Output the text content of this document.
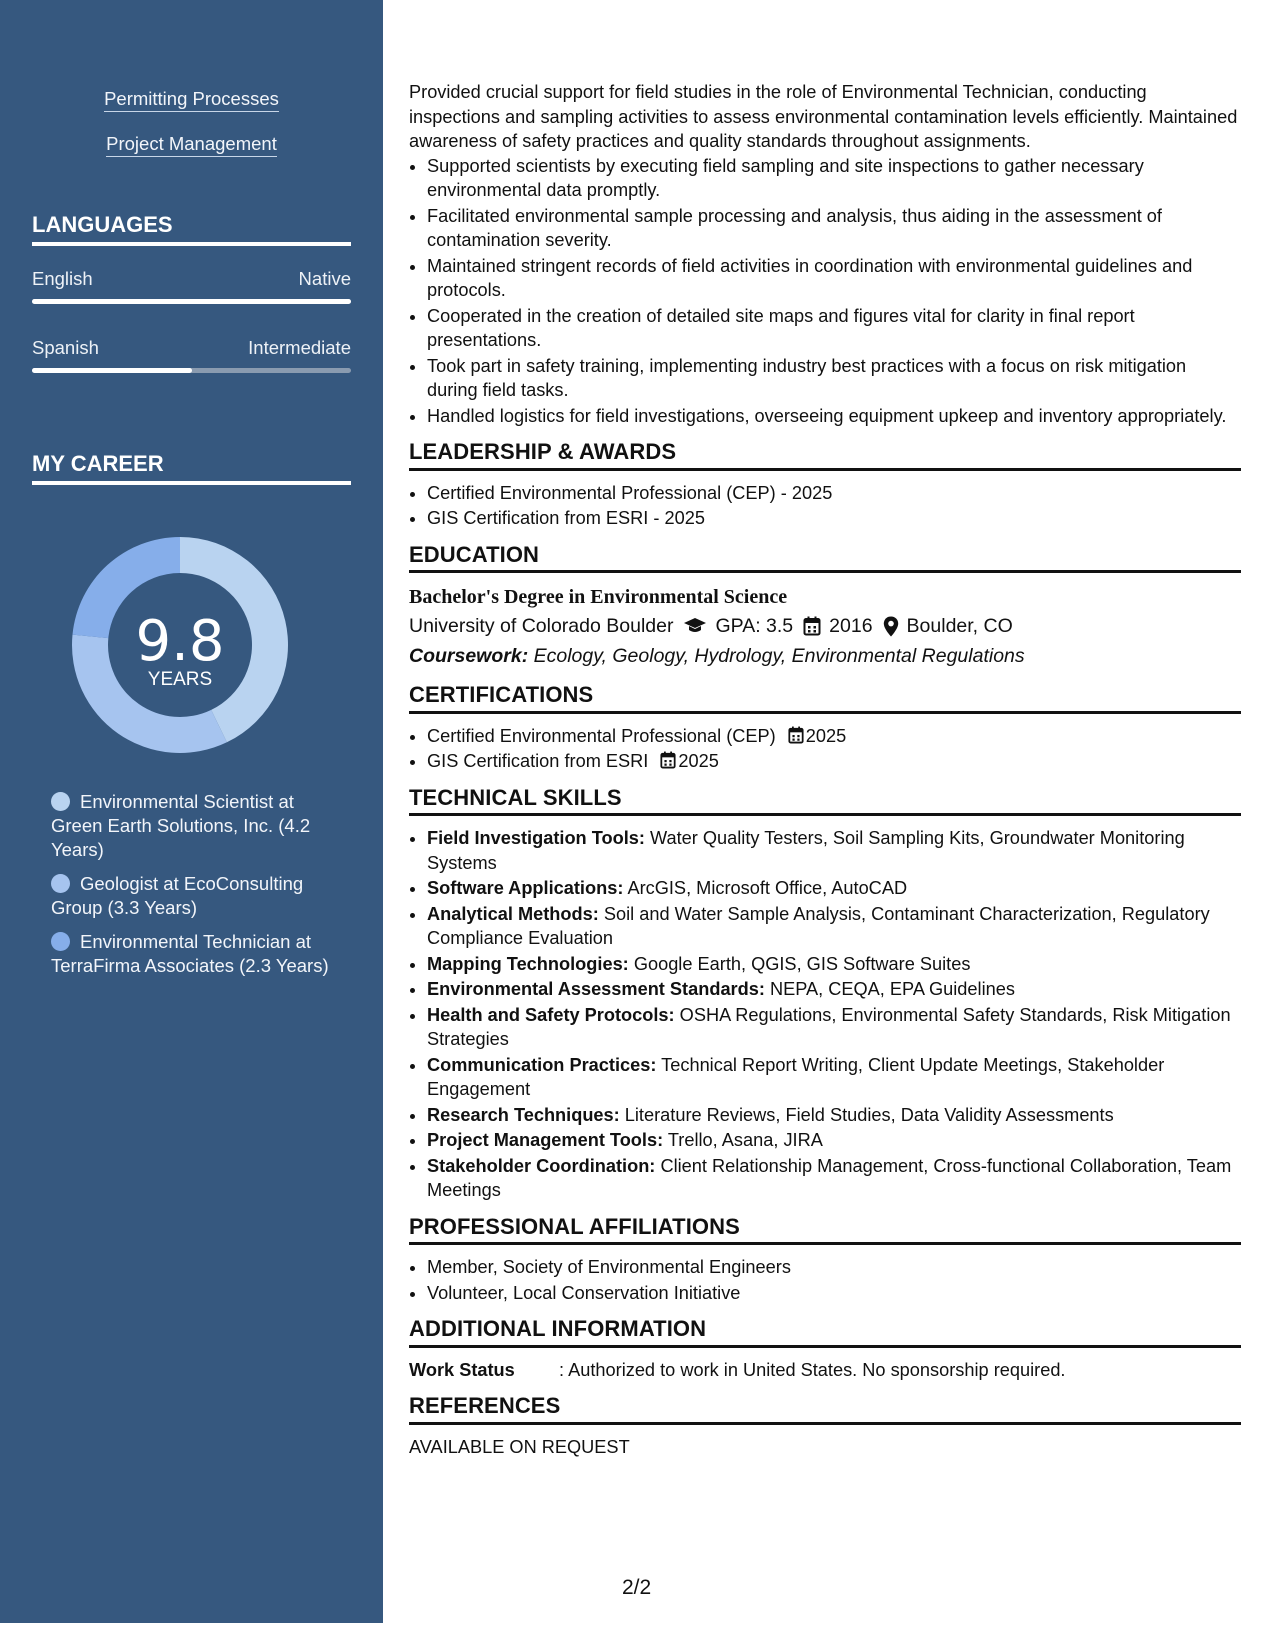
Permitting Processes
Project Management
LANGUAGES
English	Native
Spanish	Intermediate
MY CAREER
9.8
YEARS
Environmental Scientist at Green Earth Solutions, Inc. (4.2 Years)
Geologist at EcoConsulting Group (3.3 Years)
Environmental Technician at TerraFirma Associates (2.3 Years)

Provided crucial support for field studies in the role of Environmental Technician, conducting inspections and sampling activities to assess environmental contamination levels efficiently. Maintained awareness of safety practices and quality standards throughout assignments.

• Supported scientists by executing field sampling and site inspections to gather necessary environmental data promptly.
• Facilitated environmental sample processing and analysis, thus aiding in the assessment of contamination severity.
• Maintained stringent records of field activities in coordination with environmental guidelines and protocols.
• Cooperated in the creation of detailed site maps and figures vital for clarity in final report presentations.
• Took part in safety training, implementing industry best practices with a focus on risk mitigation during field tasks.
• Handled logistics for field investigations, overseeing equipment upkeep and inventory appropriately.
LEADERSHIP & AWARDS
• Certified Environmental Professional (CEP) - 2025
• GIS Certification from ESRI - 2025
EDUCATION
Bachelor's Degree in Environmental Science
University of Colorado Boulder GPA: 3.5 2016 Boulder, CO
Coursework: Ecology, Geology, Hydrology, Environmental Regulations
CERTIFICATIONS
• Certified Environmental Professional (CEP) 2025
• GIS Certification from ESRI 2025
TECHNICAL SKILLS
• Field Investigation Tools: Water Quality Testers, Soil Sampling Kits, Groundwater Monitoring Systems
• Software Applications: ArcGIS, Microsoft Office, AutoCAD
• Analytical Methods: Soil and Water Sample Analysis, Contaminant Characterization, Regulatory Compliance Evaluation
• Mapping Technologies: Google Earth, QGIS, GIS Software Suites
• Environmental Assessment Standards: NEPA, CEQA, EPA Guidelines
• Health and Safety Protocols: OSHA Regulations, Environmental Safety Standards, Risk Mitigation Strategies
• Communication Practices: Technical Report Writing, Client Update Meetings, Stakeholder Engagement
• Research Techniques: Literature Reviews, Field Studies, Data Validity Assessments
• Project Management Tools: Trello, Asana, JIRA
• Stakeholder Coordination: Client Relationship Management, Cross-functional Collaboration, Team Meetings
PROFESSIONAL AFFILIATIONS
• Member, Society of Environmental Engineers
• Volunteer, Local Conservation Initiative
ADDITIONAL INFORMATION
Work Status	: Authorized to work in United States. No sponsorship required.
REFERENCES
AVAILABLE ON REQUEST
2/2
